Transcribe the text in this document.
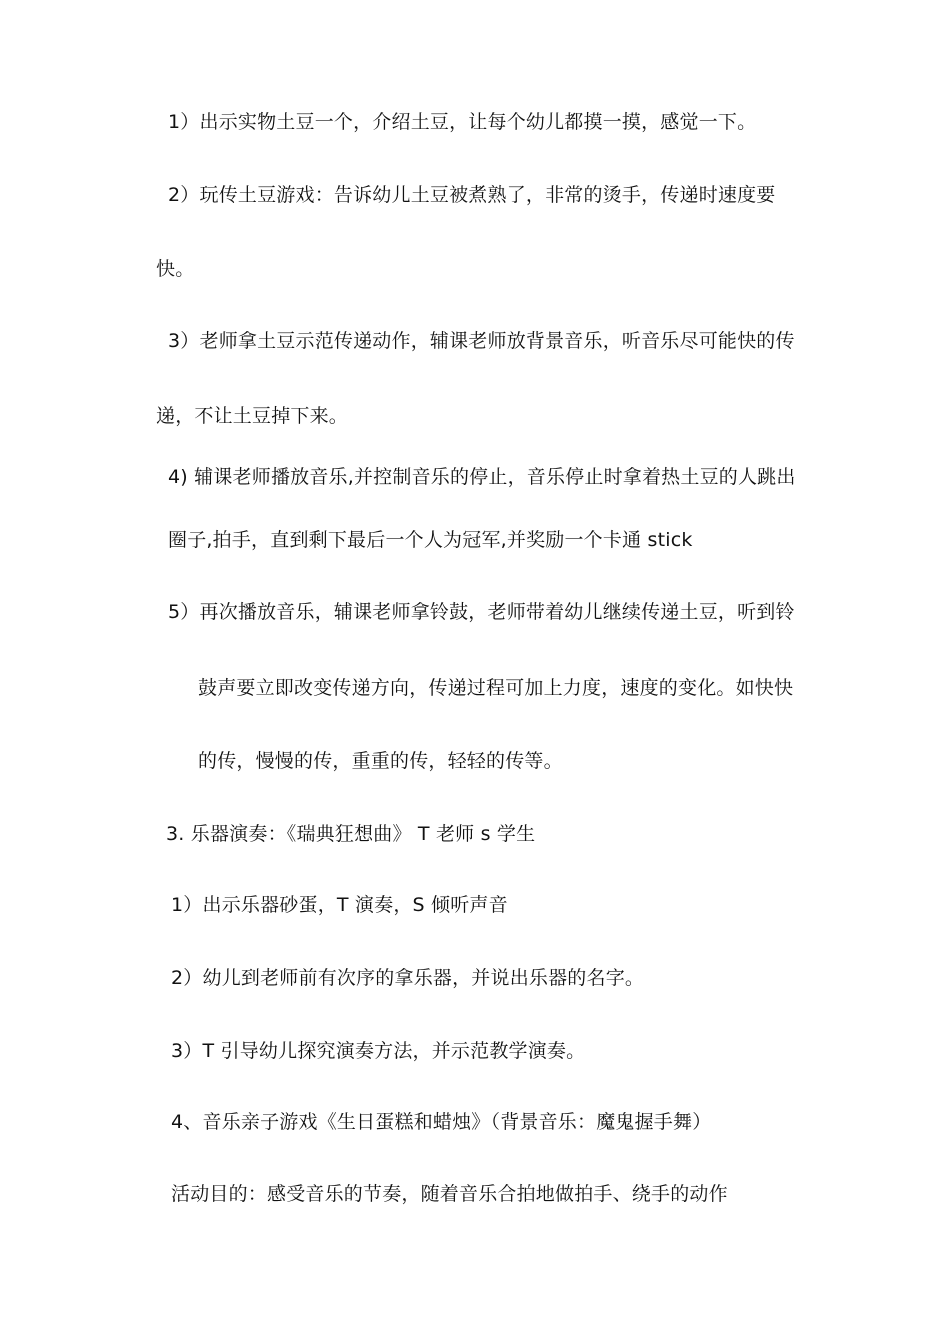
1）出示实物土豆一个，介绍土豆，让每个幼儿都摸一摸，感觉一下。
2）玩传土豆游戏：告诉幼儿土豆被煮熟了，非常的烫手，传递时速度要
快。
3）老师拿土豆示范传递动作，辅课老师放背景音乐，听音乐尽可能快的传
递，不让土豆掉下来。
4) 辅课老师播放音乐,并控制音乐的停止，音乐停止时拿着热土豆的人跳出
圈子,拍手，直到剩下最后一个人为冠军,并奖励一个卡通 stick
5）再次播放音乐，辅课老师拿铃鼓，老师带着幼儿继续传递土豆，听到铃
鼓声要立即改变传递方向，传递过程可加上力度，速度的变化。如快快
的传，慢慢的传，重重的传，轻轻的传等。
3. 乐器演奏：《瑞典狂想曲》 T 老师 s 学生
1）出示乐器砂蛋，T 演奏，S 倾听声音
2）幼儿到老师前有次序的拿乐器，并说出乐器的名字。
3）T 引导幼儿探究演奏方法，并示范教学演奏。
4、音乐亲子游戏《生日蛋糕和蜡烛》（背景音乐：魔鬼握手舞）
活动目的：感受音乐的节奏，随着音乐合拍地做拍手、绕手的动作
